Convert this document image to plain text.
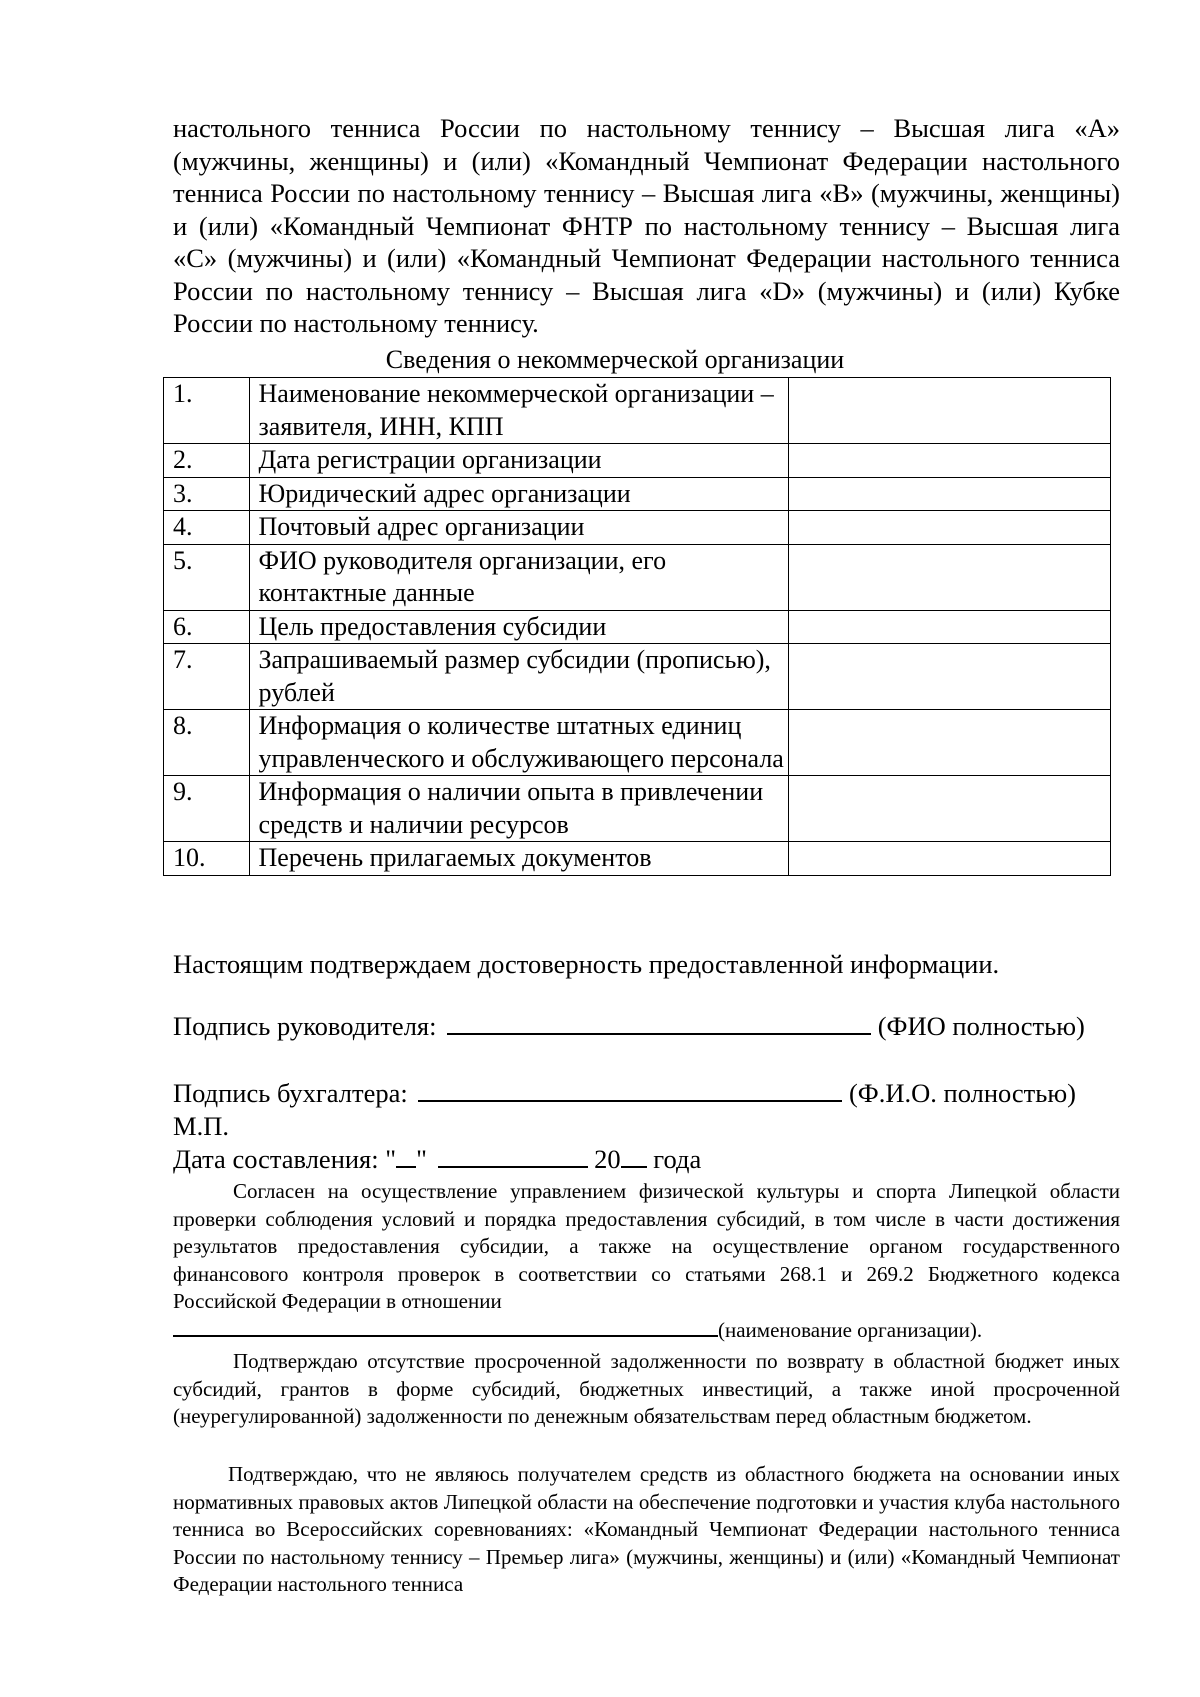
настольного тенниса России по настольному теннису – Высшая лига «А» (мужчины, женщины) и (или) «Командный Чемпионат Федерации настольного тенниса России по настольному теннису – Высшая лига «В» (мужчины, женщины) и (или) «Командный Чемпионат ФНТР по настольному теннису – Высшая лига «С» (мужчины) и (или) «Командный Чемпионат Федерации настольного тенниса России по настольному теннису – Высшая лига «D» (мужчины) и (или) Кубке России по настольному теннису.

Сведения о некоммерческой организации

1.	Наименование некоммерческой организации – заявителя, ИНН, КПП	
2.	Дата регистрации организации	
3.	Юридический адрес организации	
4.	Почтовый адрес организации	
5.	ФИО руководителя организации, его контактные данные	
6.	Цель предоставления субсидии	
7.	Запрашиваемый размер субсидии (прописью), рублей	
8.	Информация о количестве штатных единиц управленческого и обслуживающего персонала	
9.	Информация о наличии опыта в привлечении средств и наличии ресурсов	
10.	Перечень прилагаемых документов	

Настоящим подтверждаем достоверность предоставленной информации.

Подпись руководителя:	(ФИО полностью)

Подпись бухгалтера:	(Ф.И.О. полностью)

М.П.

Дата составления: " "	20 года

Согласен на осуществление управлением физической культуры и спорта Липецкой области проверки соблюдения условий и порядка предоставления субсидий, в том числе в части достижения результатов предоставления субсидии, а также на осуществление органом государственного финансового контроля проверок в соответствии со статьями 268.1 и 269.2 Бюджетного кодекса Российской Федерации в отношении

(наименование организации).

Подтверждаю отсутствие просроченной задолженности по возврату в областной бюджет иных субсидий, грантов в форме субсидий, бюджетных инвестиций, а также иной просроченной (неурегулированной) задолженности по денежным обязательствам перед областным бюджетом.

Подтверждаю, что не являюсь получателем средств из областного бюджета на основании иных нормативных правовых актов Липецкой области на обеспечение подготовки и участия клуба настольного тенниса во Всероссийских соревнованиях: «Командный Чемпионат Федерации настольного тенниса России по настольному теннису – Премьер лига» (мужчины, женщины) и (или) «Командный Чемпионат Федерации настольного тенниса
